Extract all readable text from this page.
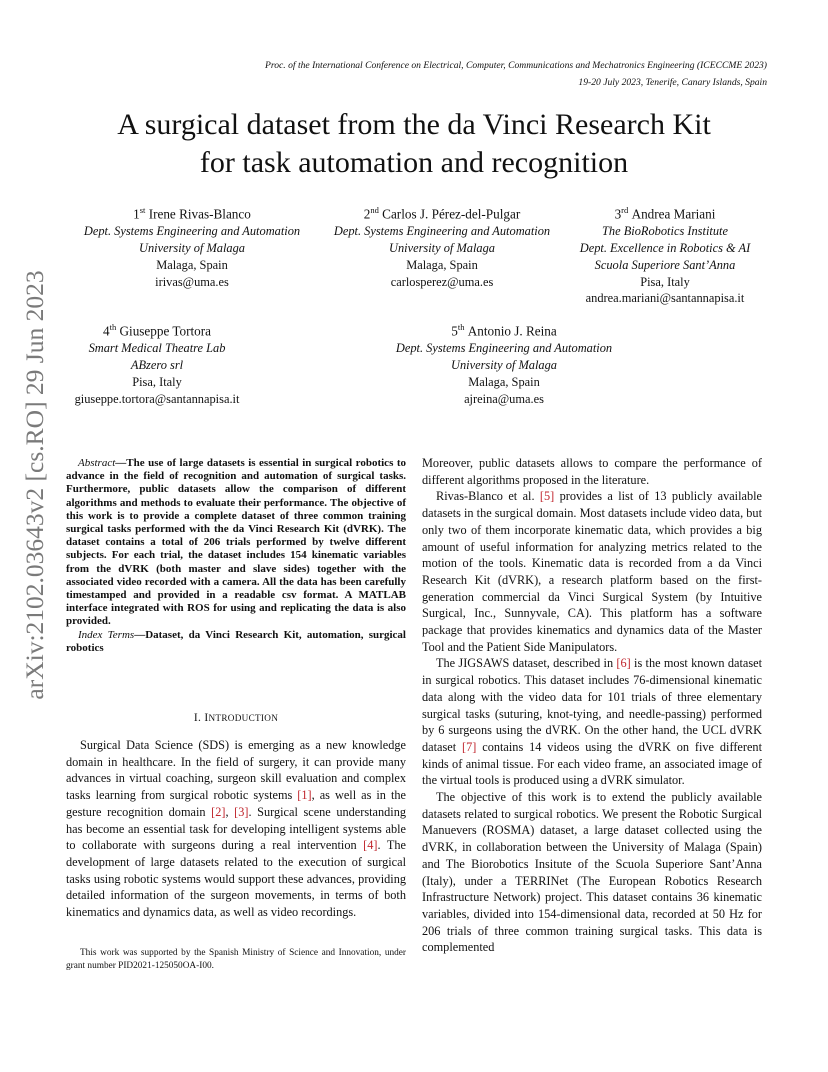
Proc. of the International Conference on Electrical, Computer, Communications and Mechatronics Engineering (ICECCME 2023)
19-20 July 2023, Tenerife, Canary Islands, Spain
A surgical dataset from the da Vinci Research Kit
for task automation and recognition
arXiv:2102.03643v2 [cs.RO] 29 Jun 2023
1st Irene Rivas-Blanco
Dept. Systems Engineering and Automation
University of Malaga
Malaga, Spain
irivas@uma.es
2nd Carlos J. Pérez-del-Pulgar
Dept. Systems Engineering and Automation
University of Malaga
Malaga, Spain
carlosperez@uma.es
3rd Andrea Mariani
The BioRobotics Institute
Dept. Excellence in Robotics & AI
Scuola Superiore Sant’Anna
Pisa, Italy
andrea.mariani@santannapisa.it
4th Giuseppe Tortora
Smart Medical Theatre Lab
ABzero srl
Pisa, Italy
giuseppe.tortora@santannapisa.it
5th Antonio J. Reina
Dept. Systems Engineering and Automation
University of Malaga
Malaga, Spain
ajreina@uma.es

Abstract—The use of large datasets is essential in surgical robotics to advance in the field of recognition and automation of surgical tasks. Furthermore, public datasets allow the comparison of different algorithms and methods to evaluate their performance. The objective of this work is to provide a complete dataset of three common training surgical tasks performed with the da Vinci Research Kit (dVRK). The dataset contains a total of 206 trials performed by twelve different subjects. For each trial, the dataset includes 154 kinematic variables from the dVRK (both master and slave sides) together with the associated video recorded with a camera. All the data has been carefully timestamped and provided in a readable csv format. A MATLAB interface integrated with ROS for using and replicating the data is also provided.

Index Terms—Dataset, da Vinci Research Kit, automation, surgical robotics

I. INTRODUCTION

Surgical Data Science (SDS) is emerging as a new knowledge domain in healthcare. In the field of surgery, it can provide many advances in virtual coaching, surgeon skill evaluation and complex tasks learning from surgical robotic systems [1], as well as in the gesture recognition domain [2], [3]. Surgical scene understanding has become an essential task for developing intelligent systems able to collaborate with surgeons during a real intervention [4]. The development of large datasets related to the execution of surgical tasks using robotic systems would support these advances, providing detailed information of the surgeon movements, in terms of both kinematics and dynamics data, as well as video recordings.

This work was supported by the Spanish Ministry of Science and Innovation, under grant number PID2021-125050OA-I00.

Moreover, public datasets allows to compare the performance of different algorithms proposed in the literature.

Rivas-Blanco et al. [5] provides a list of 13 publicly available datasets in the surgical domain. Most datasets include video data, but only two of them incorporate kinematic data, which provides a big amount of useful information for analyzing metrics related to the motion of the tools. Kinematic data is recorded from a da Vinci Research Kit (dVRK), a research platform based on the first-generation commercial da Vinci Surgical System (by Intuitive Surgical, Inc., Sunnyvale, CA). This platform has a software package that provides kinematics and dynamics data of the Master Tool and the Patient Side Manipulators.

The JIGSAWS dataset, described in [6] is the most known dataset in surgical robotics. This dataset includes 76-dimensional kinematic data along with the video data for 101 trials of three elementary surgical tasks (suturing, knot-tying, and needle-passing) performed by 6 surgeons using the dVRK. On the other hand, the UCL dVRK dataset [7] contains 14 videos using the dVRK on five different kinds of animal tissue. For each video frame, an associated image of the virtual tools is produced using a dVRK simulator.

The objective of this work is to extend the publicly available datasets related to surgical robotics. We present the Robotic Surgical Manuevers (ROSMA) dataset, a large dataset collected using the dVRK, in collaboration between the University of Malaga (Spain) and The Biorobotics Insitute of the Scuola Superiore Sant’Anna (Italy), under a TERRINet (The European Robotics Research Infrastructure Network) project. This dataset contains 36 kinematic variables, divided into 154-dimensional data, recorded at 50 Hz for 206 trials of three common training surgical tasks. This data is complemented
